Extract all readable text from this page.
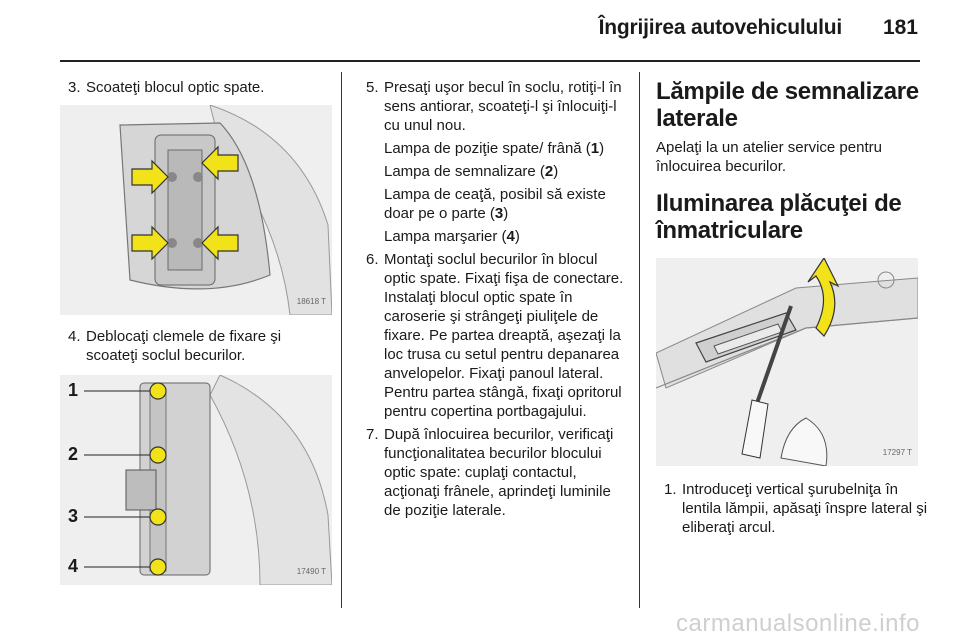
Îngrijirea autovehiculului 181
3. Scoateţi blocul optic spate.
18618 T
4. Deblocaţi clemele de fixare şi scoateţi soclul becurilor.
1
2
3
4	17490 T
5. Presaţi uşor becul în soclu, rotiţi-l în sens antiorar, scoateţi-l şi înlocuiţi-l cu unul nou.
Lampa de poziţie spate/ frână (1)
Lampa de semnalizare (2)
Lampa de ceaţă, posibil să existe doar pe o parte (3)
Lampa marşarier (4)
6. Montaţi soclul becurilor în blocul optic spate. Fixaţi fişa de conectare. Instalaţi blocul optic spate în caroserie şi strângeţi piuliţele de fixare. Pe partea dreaptă, aşezaţi la loc trusa cu setul pentru depanarea anvelopelor. Fixaţi panoul lateral. Pentru partea stângă, fixaţi opritorul pentru copertina portbagajului.
7. După înlocuirea becurilor, verificaţi funcţionalitatea becurilor blocului optic spate: cuplaţi contactul, acţionaţi frânele, aprindeţi luminile de poziţie laterale.
Lămpile de semnalizare laterale
Apelaţi la un atelier service pentru înlocuirea becurilor.
Iluminarea plăcuţei de înmatriculare
17297 T
1. Introduceţi vertical şurubelniţa în lentila lămpii, apăsaţi înspre lateral şi eliberaţi arcul.
carmanualsonline.info
